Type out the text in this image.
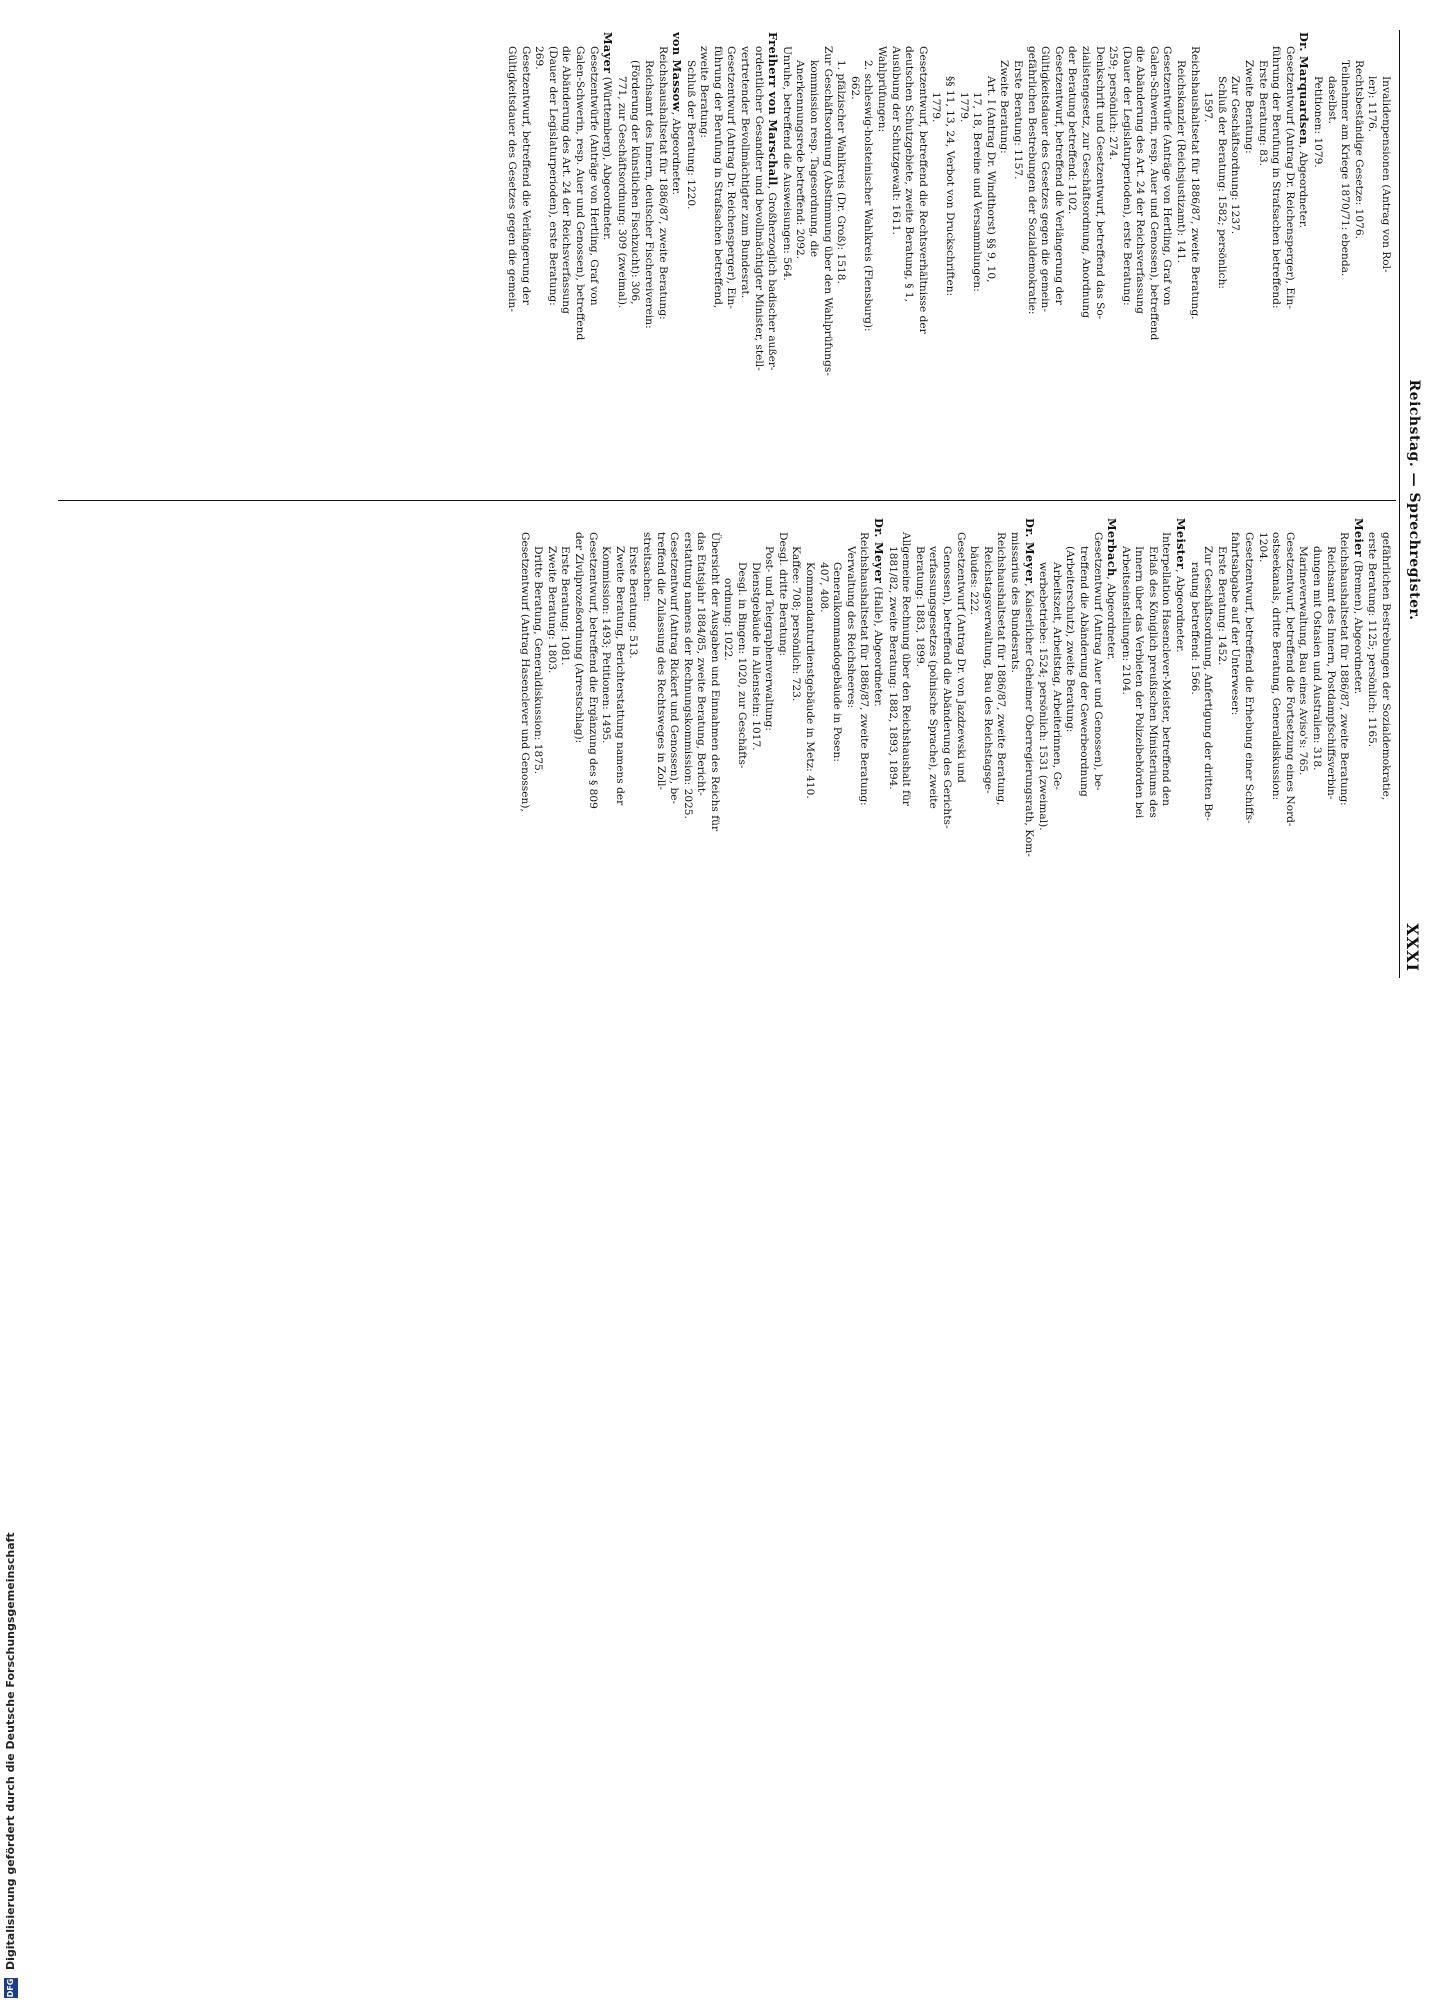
Reichstag. — Sprechregister.
XXXI
Invalidenpensionen (Antrag von Rol-
ler): 1176.
Rechtsbeständige Gesetze: 1076.
Teilnehmer am Kriege 1870/71: ebenda.
daselbst.
Petitionen: 1079.
Dr. Marquardsen, Abgeordneter.
Gesetzentwurf (Antrag Dr. Reichensperger), Ein-
führung der Berufung in Strafsachen betreffend:
Erste Beratung: 83.
Zweite Beratung:
Zur Geschäftsordnung: 1237.
Schluß der Beratung: 1582; persönlich:
1597.
Reichshaushaltsetat für 1886/87, zweite Beratung.
Reichskanzler (Reichsjustizamt): 141.
Gesetzentwürfe (Anträge von Hertling, Graf von
Galen-Schwerin, resp. Auer und Genossen), betreffend
die Abänderung des Art. 24 der Reichsverfassung
(Dauer der Legislaturperioden), erste Beratung:
259; persönlich: 274.
Denkschrift und Gesetzentwurf, betreffend das So-
zialistengesetz, zur Geschäftsordnung, Anordnung
der Beratung betreffend: 1102.
Gesetzentwurf, betreffend die Verlängerung der
Gültigkeitsdauer des Gesetzes gegen die gemein-
gefährlichen Bestrebungen der Sozialdemokratie:
Erste Beratung: 1157.
Zweite Beratung:
Art. I (Antrag Dr. Windthorst) §§ 9, 10,
17, 18, Bereine und Versammlungen:
1779.
§§ 11, 13, 24, Verbot von Druckschriften:
1779.
Gesetzentwurf, betreffend die Rechtsverhältnisse der
deutschen Schutzgebiete, zweite Beratung, § 1,
Ausübung der Schutzgewalt: 1611.
Wahlprüfungen:
2. schleswig-holsteinischer Wahlkreis (Flensburg):
662.
1. pfälzischer Wahlkreis (Dr. Groß): 1518.
Zur Geschäftsordnung (Abstimmung über den Wahlprüfungs-
kommission resp. Tagesordnung, die
Anerkennungsrede betreffend: 2092.
Unruhe, betreffend die Ausweisungen: 564.
Freiherr von Marschall, Großherzoglich badischer außer-
ordentlicher Gesandter und bevollmächtigter Minister, stell-
vertretender Bevollmächtigter zum Bundesrat.
Gesetzentwurf (Antrag Dr. Reichensperger), Ein-
führung der Berufung in Strafsachen betreffend,
zweite Beratung:
Schluß der Beratung: 1220.
von Massow, Abgeordneter.
Reichshaushaltsetat für 1886/87, zweite Beratung:
Reichsamt des Innern, deutscher Fischereiverein:
(Förderung der künstlichen Fischzucht): 306,
771, zur Geschäftsordnung: 309 (zweimal).
Mayer (Württemberg), Abgeordneter.
Gesetzentwürfe (Anträge von Hertling, Graf von
Galen-Schwerin, resp. Auer und Genossen), betreffend
die Abänderung des Art. 24 der Reichsverfassung
(Dauer der Legislaturperioden), erste Beratung:
269.
Gesetzentwurf, betreffend die Verlängerung der
Gültigkeitsdauer des Gesetzes gegen die gemein-
gefährlichen Bestrebungen der Sozialdemokratie,
erste Beratung: 1125; persönlich: 1165.
Meier (Bremen), Abgeordneter.
Reichshaushaltsetat für 1886/87, zweite Beratung:
Reichsamt des Innern, Postdampfschiffsverbin-
dungen mit Ostasien und Australien: 318.
Marineverwaltung, Bau eines Aviso's: 765.
Gesetzentwurf, betreffend die Fortsetzung eines Nord-
ostseekanals, dritte Beratung, Generaldiskussion:
1204.
Gesetzentwurf, betreffend die Erhebung einer Schiffs-
fahrtsabgabe auf der Unterweser:
Erste Beratung: 1452.
Zur Geschäftsordnung, Anfertigung der dritten Be-
ratung betreffend: 1566.
Meister, Abgeordneter.
Interpellation Hasenclever-Meister, betreffend den
Erlaß des Königlich preußischen Ministeriums des
Innern über das Verbieten der Polizeibehörden bei
Arbeitseinstellungen: 2104.
Merbach, Abgeordneter.
Gesetzentwurf (Antrag Auer und Genossen), be-
treffend die Abänderung der Gewerbeordnung
(Arbeiterschutz), zweite Beratung:
Arbeitszeit, Arbeitstag, Arbeiterinnen, Ge-
werbebetriebe: 1524; persönlich: 1531 (zweimal).
Dr. Meyer, Kaiserlicher Geheimer Oberregierungsrath, Kom-
missarius des Bundesrats.
Reichshaushaltsetat für 1886/87, zweite Beratung,
Reichstagsverwaltung, Bau des Reichstagsge-
bäudes: 222.
Gesetzentwurf (Antrag Dr. von Jazdzewski und
Genossen), betreffend die Abänderung des Gerichts-
verfassungsgesetzes (polnische Sprache), zweite
Beratung: 1883, 1899.
Allgemeine Rechnung über den Reichshaushalt für
1881/82, zweite Beratung: 1882, 1893, 1894.
Dr. Meyer (Halle), Abgeordneter.
Reichshaushaltsetat für 1886/87, zweite Beratung:
Verwaltung des Reichsheeres:
Generalkommandogebäude in Posen:
407, 408.
Kommandanturdienstgebäude in Metz: 410.
Kaffee: 708; persönlich: 723.
Desgl. dritte Beratung:
Post- und Telegraphenverwaltung:
Dienstgebäude in Allenstein: 1017.
Desgl. in Bingen: 1020, zur Geschäfts-
ordnung: 1022.
Übersicht der Ausgaben und Einnahmen des Reichs für
das Etatsjahr 1884/85, zweite Beratung, Bericht-
erstattung namens der Rechnungskommission: 2025.
Gesetzentwurf (Antrag Rickert und Genossen), be-
treffend die Zulassung des Rechtsweges in Zoll-
streitsachen:
Erste Beratung: 513.
Zweite Beratung, Berichterstattung namens der
Kommission: 1493; Petitionen: 1495.
Gesetzentwurf, betreffend die Ergänzung des § 809
der Zivilprozeßordnung (Arrestschlag):
Erste Beratung: 1081.
Zweite Beratung: 1803.
Dritte Beratung, Generaldiskussion: 1875.
Gesetzentwurf (Antrag Hasenclever und Genossen),
DFG
Digitalisierung gefördert durch die Deutsche Forschungsgemeinschaft
